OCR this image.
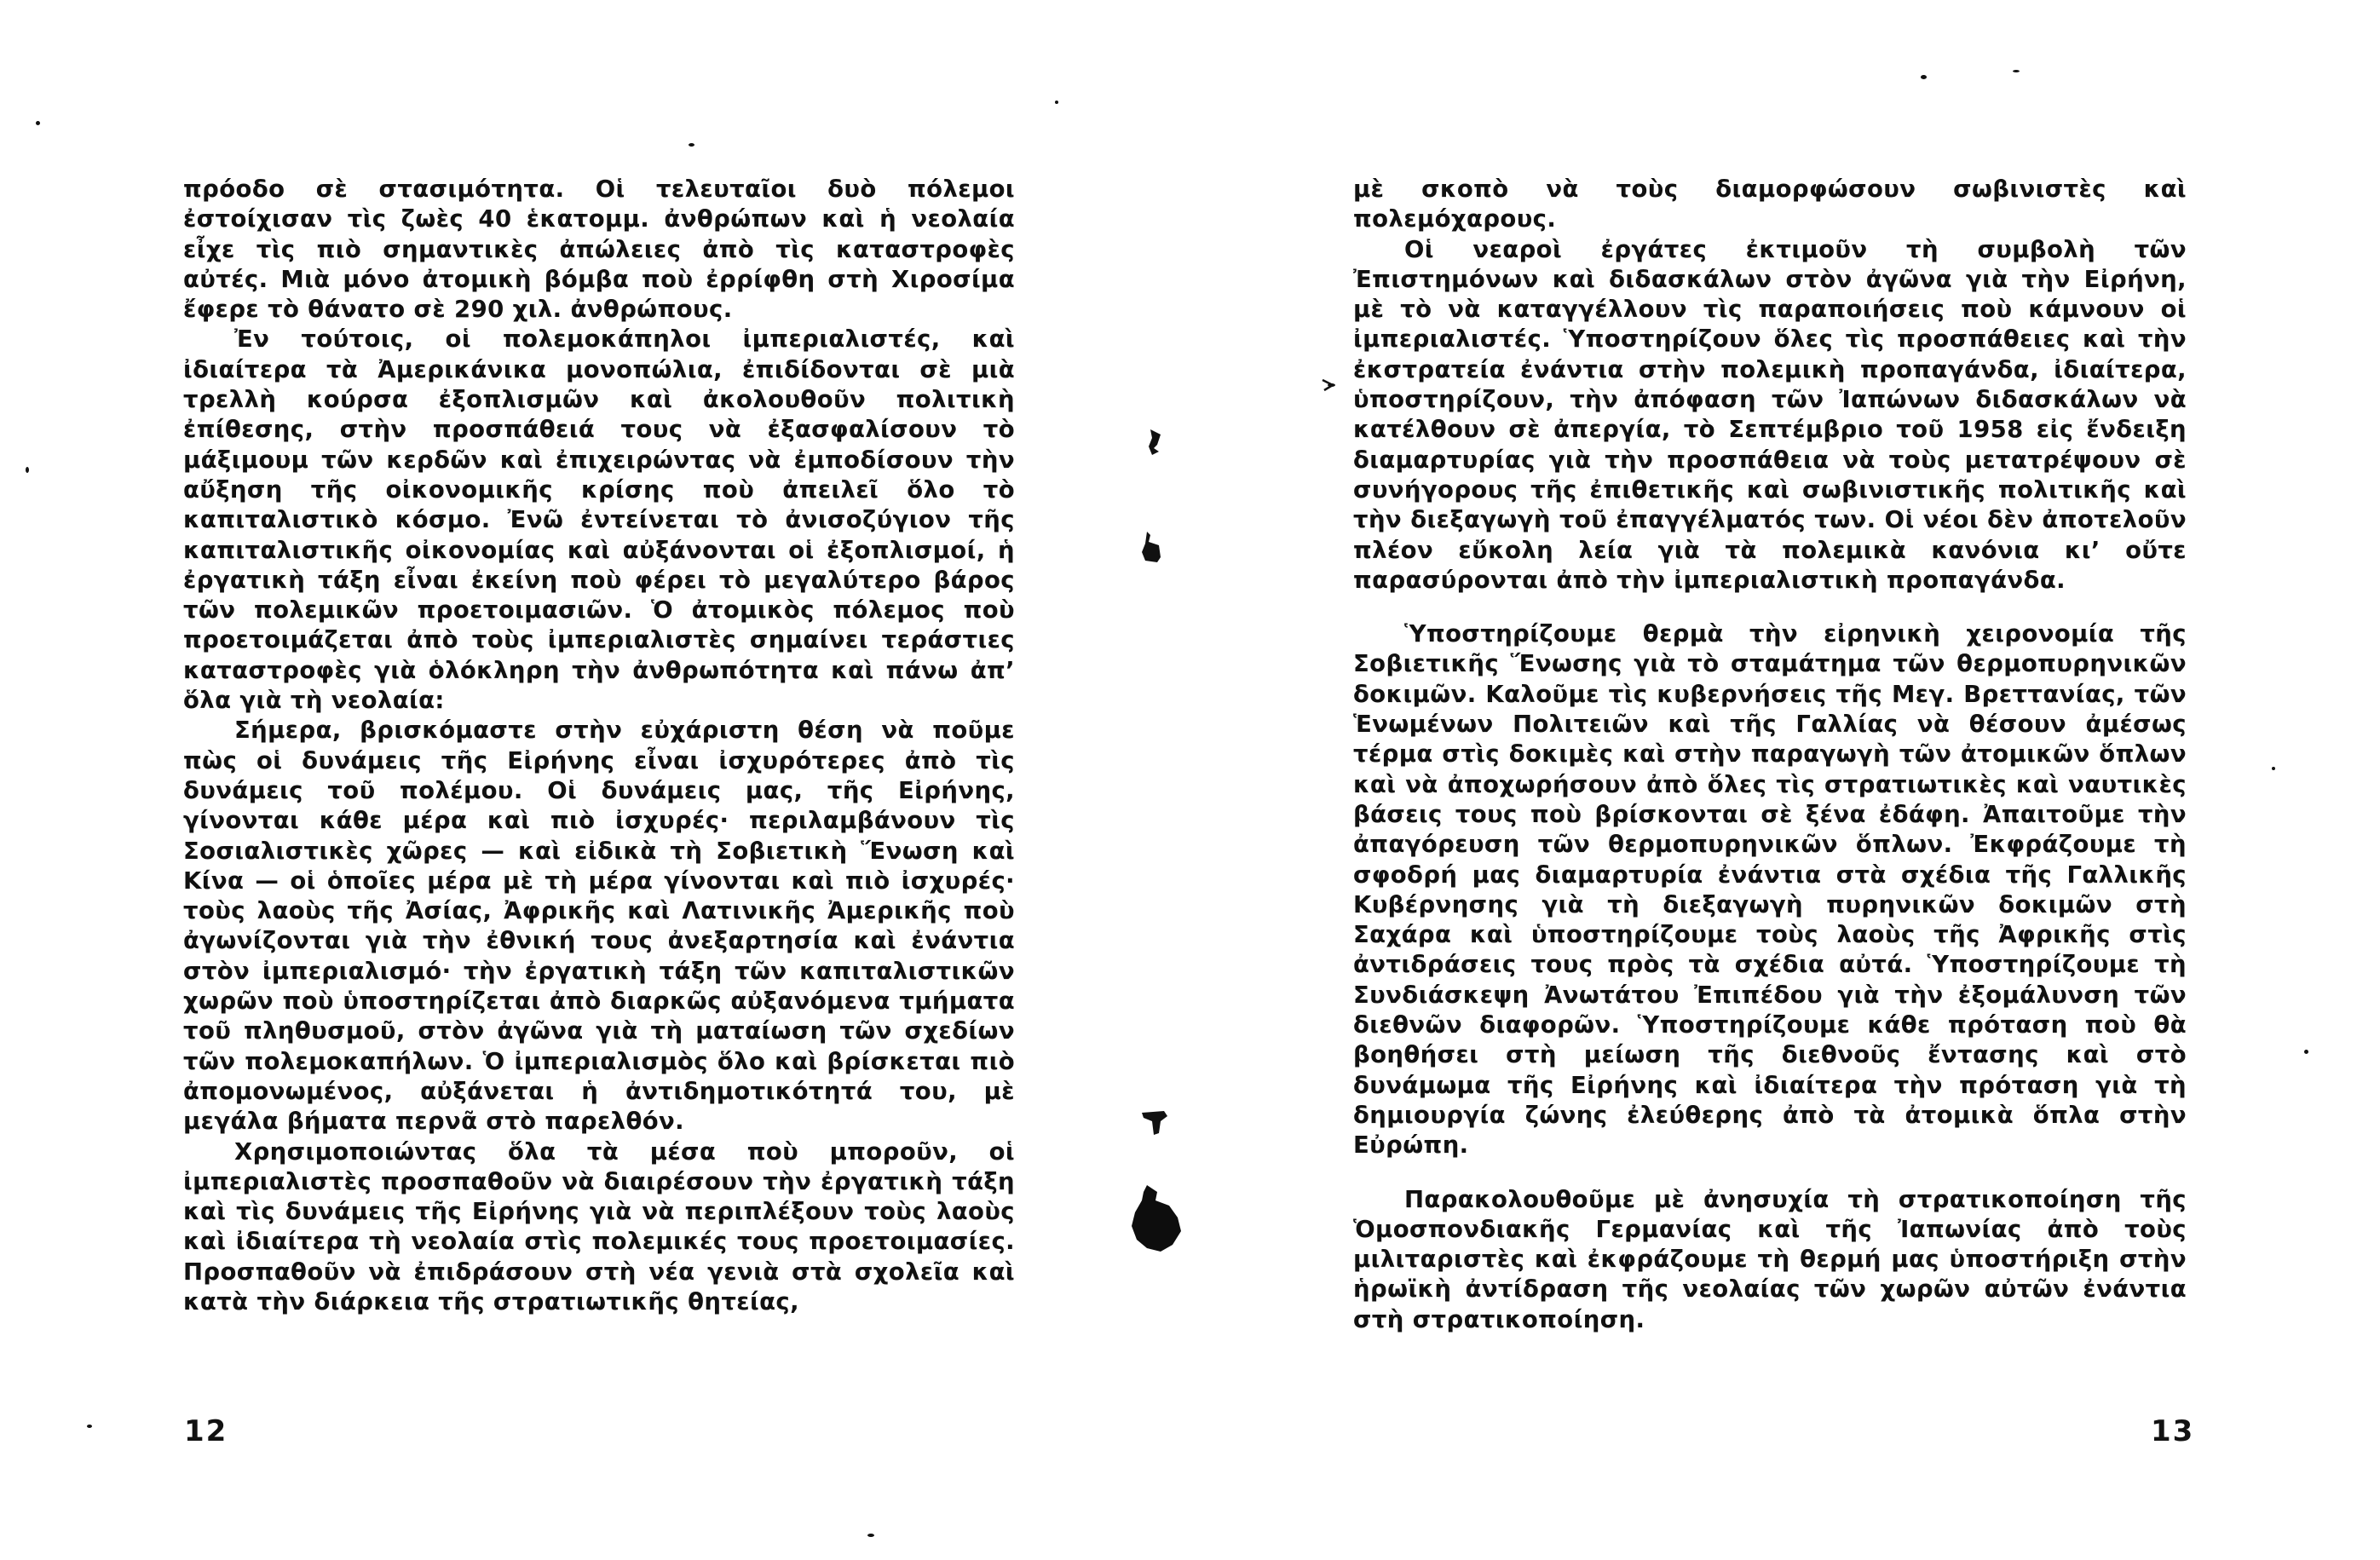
πρόοδο σὲ στασιμότητα. Οἱ τελευταῖοι δυὸ πόλεμοι ἐστοίχισαν τὶς ζωὲς 40 ἑκατομμ. ἀνθρώπων καὶ ἡ νεολαία εἶχε τὶς πιὸ σημαντικὲς ἀπώλειες ἀπὸ τὶς καταστροφὲς αὐτές. Μιὰ μόνο ἀτομικὴ βόμβα ποὺ ἐρρίφθη στὴ Χιροσίμα ἔφερε τὸ θάνατο σὲ 290 χιλ. ἀνθρώπους.

Ἐν τούτοις, οἱ πολεμοκάπηλοι ἰμπεριαλιστές, καὶ ἰδιαίτερα τὰ Ἀμερικάνικα μονοπώλια, ἐπιδίδονται σὲ μιὰ τρελλὴ κούρσα ἐξοπλισμῶν καὶ ἀκολουθοῦν πολιτικὴ ἐπίθεσης, στὴν προσπάθειά τους νὰ ἐξασφαλίσουν τὸ μάξιμουμ τῶν κερδῶν καὶ ἐπιχειρώντας νὰ ἐμποδίσουν τὴν αὔξηση τῆς οἰκονομικῆς κρίσης ποὺ ἀπειλεῖ ὅλο τὸ καπιταλιστικὸ κόσμο. Ἐνῶ ἐντείνεται τὸ ἀνισοζύγιον τῆς καπιταλιστικῆς οἰκονομίας καὶ αὐξάνονται οἱ ἐξοπλισμοί, ἡ ἐργατικὴ τάξη εἶναι ἐκείνη ποὺ φέρει τὸ μεγαλύτερο βάρος τῶν πολεμικῶν προετοιμασιῶν. Ὁ ἀτομικὸς πόλεμος ποὺ προετοιμάζεται ἀπὸ τοὺς ἰμπεριαλιστὲς σημαίνει τεράστιες καταστροφὲς γιὰ ὁλόκληρη τὴν ἀνθρωπότητα καὶ πάνω ἀπ’ ὅλα γιὰ τὴ νεολαία:

Σήμερα, βρισκόμαστε στὴν εὐχάριστη θέση νὰ ποῦμε πὼς οἱ δυνάμεις τῆς Εἰρήνης εἶναι ἰσχυρότερες ἀπὸ τὶς δυνάμεις τοῦ πολέμου. Οἱ δυνάμεις μας, τῆς Εἰρήνης, γίνονται κάθε μέρα καὶ πιὸ ἰσχυρές· περιλαμβάνουν τὶς Σοσιαλιστικὲς χῶρες — καὶ εἰδικὰ τὴ Σοβιετικὴ Ἕνωση καὶ Κίνα — οἱ ὁποῖες μέρα μὲ τὴ μέρα γίνονται καὶ πιὸ ἰσχυρές· τοὺς λαοὺς τῆς Ἀσίας, Ἀφρικῆς καὶ Λατινικῆς Ἀμερικῆς ποὺ ἀγωνίζονται γιὰ τὴν ἐθνική τους ἀνεξαρτησία καὶ ἐνάντια στὸν ἰμπεριαλισμό· τὴν ἐργατικὴ τάξη τῶν καπιταλιστικῶν χωρῶν ποὺ ὑποστηρίζεται ἀπὸ διαρκῶς αὐξανόμενα τμήματα τοῦ πληθυσμοῦ, στὸν ἀγῶνα γιὰ τὴ ματαίωση τῶν σχεδίων τῶν πολεμοκαπήλων. Ὁ ἰμπεριαλισμὸς ὅλο καὶ βρίσκεται πιὸ ἀπομονωμένος, αὐξάνεται ἡ ἀντιδημοτικότητά του, μὲ μεγάλα βήματα περνᾶ στὸ παρελθόν.

Χρησιμοποιώντας ὅλα τὰ μέσα ποὺ μποροῦν, οἱ ἰμπεριαλιστὲς προσπαθοῦν νὰ διαιρέσουν τὴν ἐργατικὴ τάξη καὶ τὶς δυνάμεις τῆς Εἰρήνης γιὰ νὰ περιπλέξουν τοὺς λαοὺς καὶ ἰδιαίτερα τὴ νεολαία στὶς πολεμικές τους προετοιμασίες. Προσπαθοῦν νὰ ἐπιδράσουν στὴ νέα γενιὰ στὰ σχολεῖα καὶ κατὰ τὴν διάρκεια τῆς στρατιωτικῆς θητείας,

12

μὲ σκοπὸ νὰ τοὺς διαμορφώσουν σωβινιστὲς καὶ πολεμόχαρους.

Οἱ νεαροὶ ἐργάτες ἐκτιμοῦν τὴ συμβολὴ τῶν Ἐπιστημόνων καὶ διδασκάλων στὸν ἀγῶνα γιὰ τὴν Εἰρήνη, μὲ τὸ νὰ καταγγέλλουν τὶς παραποιήσεις ποὺ κάμνουν οἱ ἰμπεριαλιστές. Ὑποστηρίζουν ὅλες τὶς προσπάθειες καὶ τὴν ἐκστρατεία ἐνάντια στὴν πολεμικὴ προπαγάνδα, ἰδιαίτερα, ὑποστηρίζουν, τὴν ἀπόφαση τῶν Ἰαπώνων διδασκάλων νὰ κατέλθουν σὲ ἀπεργία, τὸ Σεπτέμβριο τοῦ 1958 εἰς ἔνδειξη διαμαρτυρίας γιὰ τὴν προσπάθεια νὰ τοὺς μετατρέψουν σὲ συνήγορους τῆς ἐπιθετικῆς καὶ σωβινιστικῆς πολιτικῆς καὶ τὴν διεξαγωγὴ τοῦ ἐπαγγέλματός των. Οἱ νέοι δὲν ἀποτελοῦν πλέον εὔκολη λεία γιὰ τὰ πολεμικὰ κανόνια κι’ οὔτε παρασύρονται ἀπὸ τὴν ἰμπεριαλιστικὴ προπαγάνδα.

Ὑποστηρίζουμε θερμὰ τὴν εἰρηνικὴ χειρονομία τῆς Σοβιετικῆς Ἕνωσης γιὰ τὸ σταμάτημα τῶν θερμοπυρηνικῶν δοκιμῶν. Καλοῦμε τὶς κυβερνήσεις τῆς Μεγ. Βρεττανίας, τῶν Ἑνωμένων Πολιτειῶν καὶ τῆς Γαλλίας νὰ θέσουν ἀμέσως τέρμα στὶς δοκιμὲς καὶ στὴν παραγωγὴ τῶν ἀτομικῶν ὅπλων καὶ νὰ ἀποχωρήσουν ἀπὸ ὅλες τὶς στρατιωτικὲς καὶ ναυτικὲς βάσεις τους ποὺ βρίσκονται σὲ ξένα ἐδάφη. Ἀπαιτοῦμε τὴν ἀπαγόρευση τῶν θερμοπυρηνικῶν ὅπλων. Ἐκφράζουμε τὴ σφοδρή μας διαμαρτυρία ἐνάντια στὰ σχέδια τῆς Γαλλικῆς Κυβέρνησης γιὰ τὴ διεξαγωγὴ πυρηνικῶν δοκιμῶν στὴ Σαχάρα καὶ ὑποστηρίζουμε τοὺς λαοὺς τῆς Ἀφρικῆς στὶς ἀντιδράσεις τους πρὸς τὰ σχέδια αὐτά. Ὑποστηρίζουμε τὴ Συνδιάσκεψη Ἀνωτάτου Ἐπιπέδου γιὰ τὴν ἐξομάλυνση τῶν διεθνῶν διαφορῶν. Ὑποστηρίζουμε κάθε πρόταση ποὺ θὰ βοηθήσει στὴ μείωση τῆς διεθνοῦς ἔντασης καὶ στὸ δυνάμωμα τῆς Εἰρήνης καὶ ἰδιαίτερα τὴν πρόταση γιὰ τὴ δημιουργία ζώνης ἐλεύθερης ἀπὸ τὰ ἀτομικὰ ὅπλα στὴν Εὐρώπη.

Παρακολουθοῦμε μὲ ἀνησυχία τὴ στρατικοποίηση τῆς Ὁμοσπονδιακῆς Γερμανίας καὶ τῆς Ἰαπωνίας ἀπὸ τοὺς μιλιταριστὲς καὶ ἐκφράζουμε τὴ θερμή μας ὑποστήριξη στὴν ἡρωϊκὴ ἀντίδραση τῆς νεολαίας τῶν χωρῶν αὐτῶν ἐνάντια στὴ στρατικοποίηση.

13
